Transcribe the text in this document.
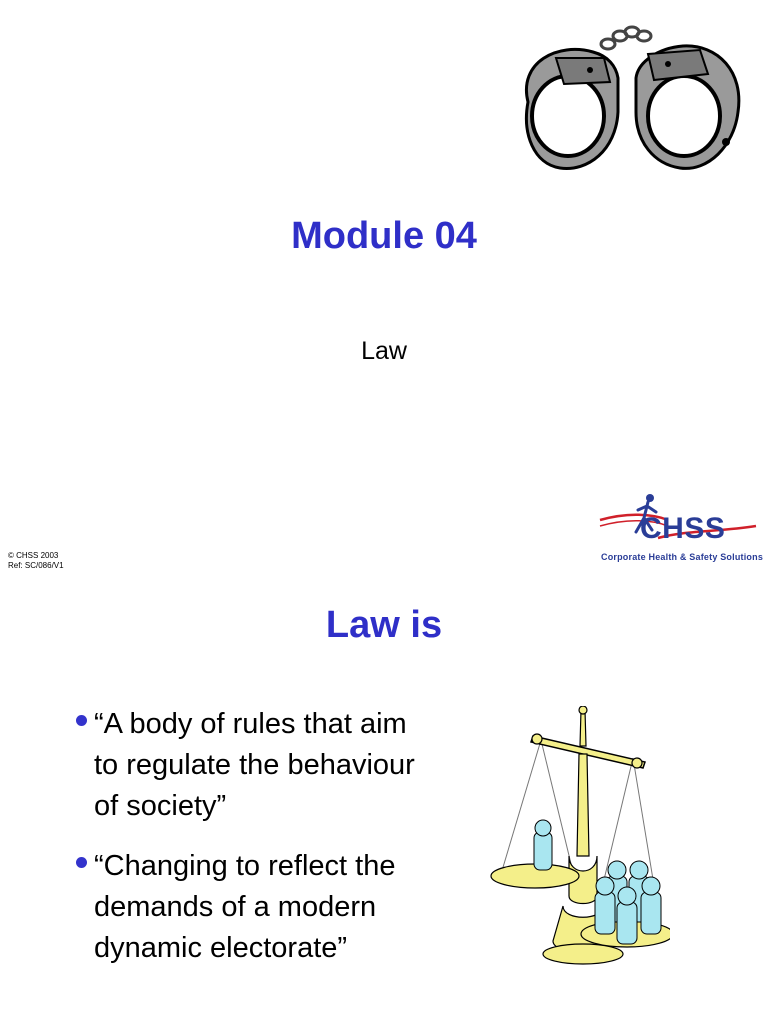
Module 04
Law
© CHSS 2003
Ref: SC/086/V1
CHSS
Corporate Health & Safety Solutions
Law is
“A body of rules that aim to regulate the behaviour of society”
“Changing to reflect the demands of a modern dynamic electorate”
